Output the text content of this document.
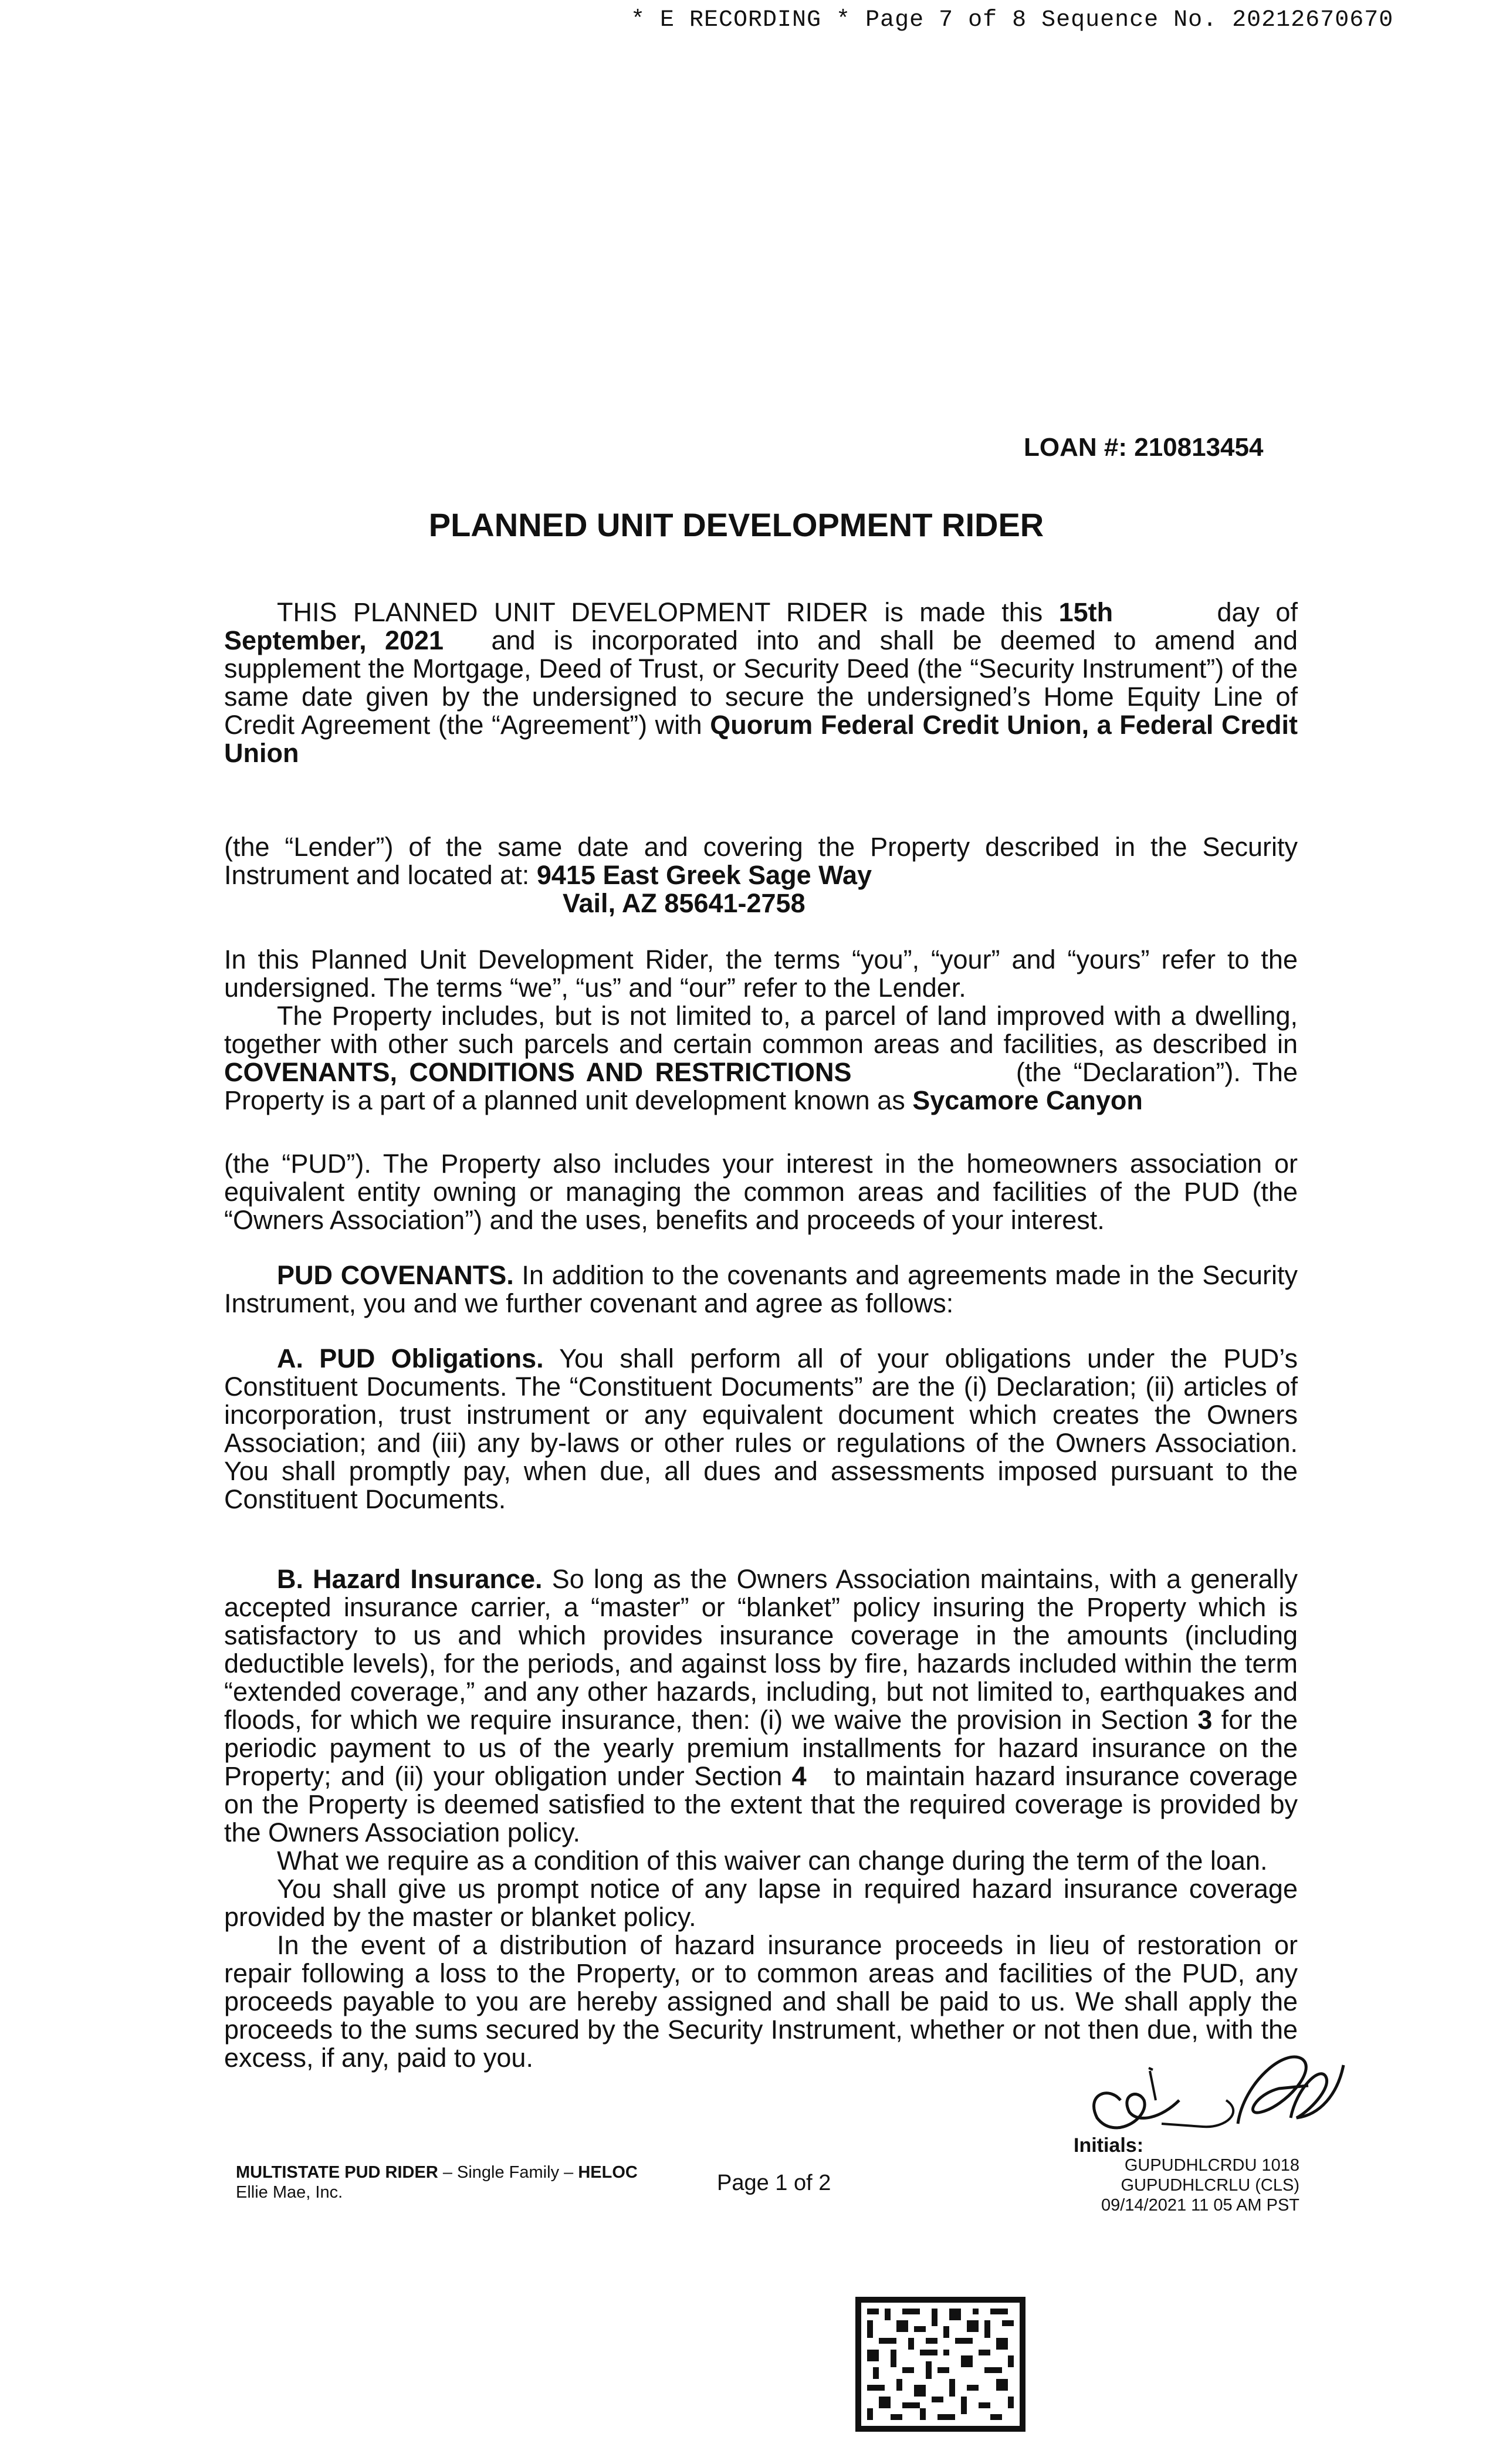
* E RECORDING * Page 7 of 8 Sequence No. 20212670670
LOAN #: 210813454
PLANNED UNIT DEVELOPMENT RIDER

THIS PLANNED UNIT DEVELOPMENT RIDER is made this 15th	day of September, 2021 and is incorporated into and shall be deemed to amend and supplement the Mortgage, Deed of Trust, or Security Deed (the “Security Instrument”) of the same date given by the undersigned to secure the undersigned’s Home Equity Line of Credit Agreement (the “Agreement”) with Quorum Federal Credit Union, a Federal Credit Union

(the “Lender”) of the same date and covering the Property described in the Security Instrument and located at: 9415 East Greek Sage Way

Vail, AZ 85641-2758

In this Planned Unit Development Rider, the terms “you”, “your” and “yours” refer to the undersigned. The terms “we”, “us” and “our” refer to the Lender.

The Property includes, but is not limited to, a parcel of land improved with a dwelling, together with other such parcels and certain common areas and facilities, as described in COVENANTS, CONDITIONS AND RESTRICTIONS	(the “Declaration”). The Property is a part of a planned unit development known as Sycamore Canyon

(the “PUD”). The Property also includes your interest in the homeowners association or equivalent entity owning or managing the common areas and facilities of the PUD (the “Owners Association”) and the uses, benefits and proceeds of your interest.

PUD COVENANTS. In addition to the covenants and agreements made in the Security Instrument, you and we further covenant and agree as follows:

A. PUD Obligations. You shall perform all of your obligations under the PUD’s Constituent Documents. The “Constituent Documents” are the (i) Declaration; (ii) articles of incorporation, trust instrument or any equivalent document which creates the Owners Association; and (iii) any by-laws or other rules or regulations of the Owners Association. You shall promptly pay, when due, all dues and assessments imposed pursuant to the Constituent Documents.

B. Hazard Insurance. So long as the Owners Association maintains, with a generally accepted insurance carrier, a “master” or “blanket” policy insuring the Property which is satisfactory to us and which provides insurance coverage in the amounts (including deductible levels), for the periods, and against loss by fire, hazards included within the term “extended coverage,” and any other hazards, including, but not limited to, earthquakes and floods, for which we require insurance, then: (i) we waive the provision in Section 3 for the periodic payment to us of the yearly premium installments for hazard insurance on the Property; and (ii) your obligation under Section 4 to maintain hazard insurance coverage on the Property is deemed satisfied to the extent that the required coverage is provided by the Owners Association policy.

What we require as a condition of this waiver can change during the term of the loan.

You shall give us prompt notice of any lapse in required hazard insurance coverage provided by the master or blanket policy.

In the event of a distribution of hazard insurance proceeds in lieu of restoration or repair following a loss to the Property, or to common areas and facilities of the PUD, any proceeds payable to you are hereby assigned and shall be paid to us. We shall apply the proceeds to the sums secured by the Security Instrument, whether or not then due, with the excess, if any, paid to you.

MULTISTATE PUD RIDER – Single Family – HELOC
Ellie Mae, Inc.	Page 1 of 2
Initials:
GUPUDHLCRDU 1018
GUPUDHLCRLU (CLS)
09/14/2021 11 05 AM PST
